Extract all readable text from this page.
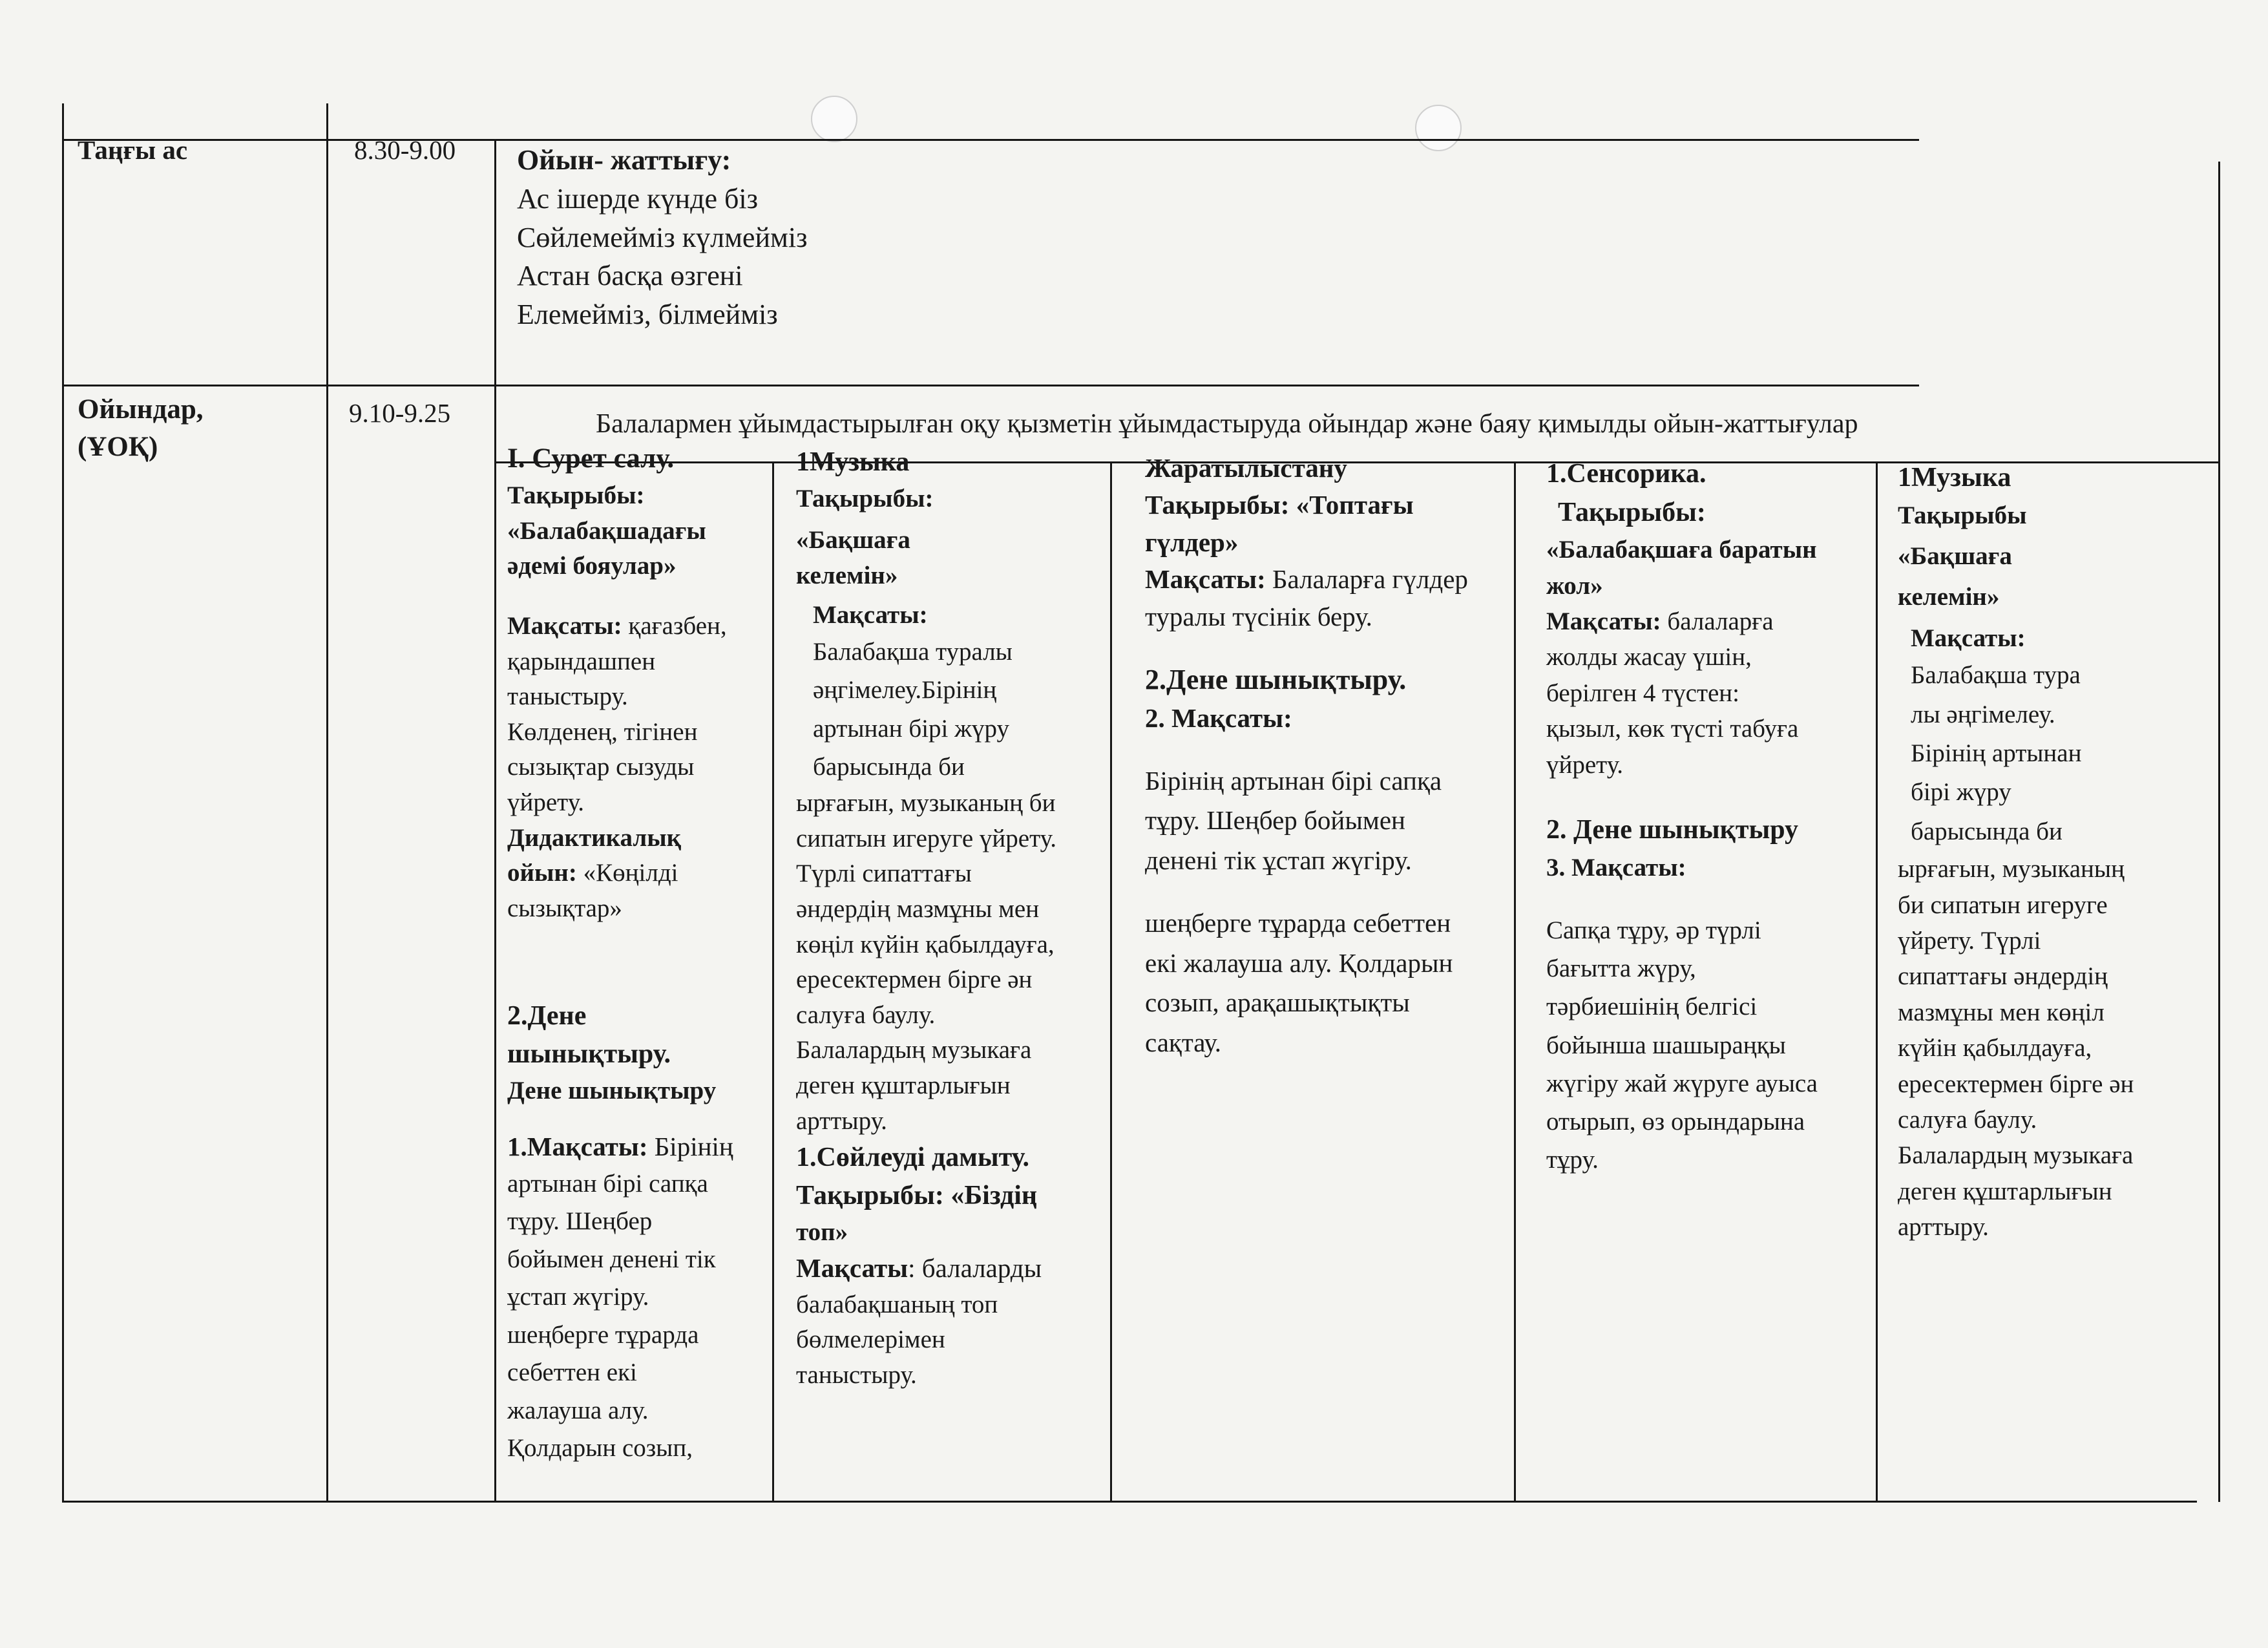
Таңғы ас	8.30-9.00 Ойын- жаттығу:
Ас ішерде күнде біз
Сөйлемейміз күлмейміз
Астан басқа өзгені
Елемейміз, білмейміз
Ойындар,
(ҰОҚ)
9.10-9.25	Балалармен ұйымдастырылған оқу қызметін ұйымдастыруда ойындар және баяу қимылды ойын-жаттығулар
І. Сурет салу.
Тақырыбы:
«Балабақшадағы
әдемі бояулар»
Мақсаты: қағазбен,
қарындашпен
таныстыру.
Көлденең, тігінен
сызықтар сызуды
үйрету.
Дидактикалық
ойын: «Көңілді
сызықтар»
2.Дене
шынықтыру.
Дене шынықтыру
1.Мақсаты: Бірінің
артынан бірі сапқа
тұру. Шеңбер
бойымен денені тік
ұстап жүгіру.
шеңберге тұрарда
себеттен екі
жалауша алу.
Қолдарын созып,
1Музыка
Тақырыбы:
«Бақшаға
келемін»
Мақсаты:
Балабақша туралы
әңгімелеу.Бірінің
артынан бірі жүру
барысында би
ырғағын, музыканың би
сипатын игеруге үйрету.
Түрлі сипаттағы
әндердің мазмұны мен
көңіл күйін қабылдауға,
ересектермен бірге ән
салуға баулу.
Балалардың музыкаға
деген құштарлығын
арттыру.
1.Сөйлеуді дамыту.
Тақырыбы: «Біздің
топ»
Мақсаты: балаларды
балабақшаның топ
бөлмелерімен
таныстыру.
Жаратылыстану
Тақырыбы: «Топтағы
гүлдер»
Мақсаты: Балаларға гүлдер
туралы түсінік беру.
2.Дене шынықтыру.
2. Мақсаты:
Бірінің артынан бірі сапқа
тұру. Шеңбер бойымен
денені тік ұстап жүгіру.
шеңберге тұрарда себеттен
екі жалауша алу. Қолдарын
созып, арақашықтықты
сақтау.
1.Сенсорика.
Тақырыбы:
«Балабақшаға баратын
жол»
Мақсаты: балаларға
жолды жасау үшін,
берілген 4 түстен:
қызыл, көк түсті табуға
үйрету.
2. Дене шынықтыру
3. Мақсаты:
Сапқа тұру, әр түрлі
бағытта жүру,
тәрбиешінің белгісі
бойынша шашыраңқы
жүгіру жай жүруге ауыса
отырып, өз орындарына
тұру.
1Музыка
Тақырыбы
«Бақшаға
келемін»
Мақсаты:
Балабақша тура
лы әңгімелеу.
Бірінің артынан
бірі жүру
барысында би
ырғағын, музыканың
би сипатын игеруге
үйрету. Түрлі
сипаттағы әндердің
мазмұны мен көңіл
күйін қабылдауға,
ересектермен бірге ән
салуға баулу.
Балалардың музыкаға
деген құштарлығын
арттыру.
